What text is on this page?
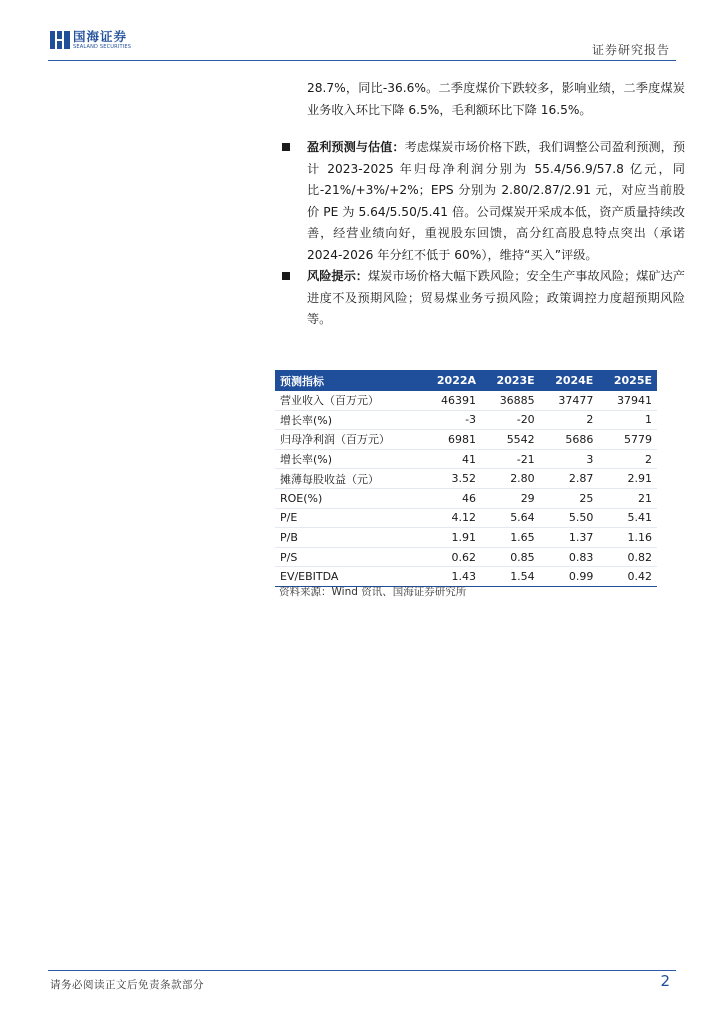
国海证券
SEALAND SECURITIES	证券研究报告
28.7%，同比-36.6%。二季度煤价下跌较多，影响业绩，二季度煤炭业务收入环比下降 6.5%，毛利额环比下降 16.5%。
盈利预测与估值：考虑煤炭市场价格下跌，我们调整公司盈利预测，预计 2023-2025 年归母净利润分别为 55.4/56.9/57.8 亿元，同比-21%/+3%/+2%；EPS 分别为 2.80/2.87/2.91 元，对应当前股价 PE 为 5.64/5.50/5.41 倍。公司煤炭开采成本低，资产质量持续改善，经营业绩向好，重视股东回馈，高分红高股息特点突出（承诺 2024-2026 年分红不低于 60%），维持“买入”评级。
风险提示：煤炭市场价格大幅下跌风险；安全生产事故风险；煤矿达产进度不及预期风险；贸易煤业务亏损风险；政策调控力度超预期风险等。
预测指标	2022A	2023E	2024E	2025E
营业收入（百万元）	46391	36885	37477	37941
增长率(%)	-3	-20	2	1
归母净利润（百万元）	6981	5542	5686	5779
增长率(%)	41	-21	3	2
摊薄每股收益（元）	3.52	2.80	2.87	2.91
ROE(%)	46	29	25	21
P/E	4.12	5.64	5.50	5.41
P/B	1.91	1.65	1.37	1.16
P/S	0.62	0.85	0.83	0.82
EV/EBITDA	1.43	1.54	0.99	0.42
资料来源：Wind 资讯、国海证券研究所
请务必阅读正文后免责条款部分	2
